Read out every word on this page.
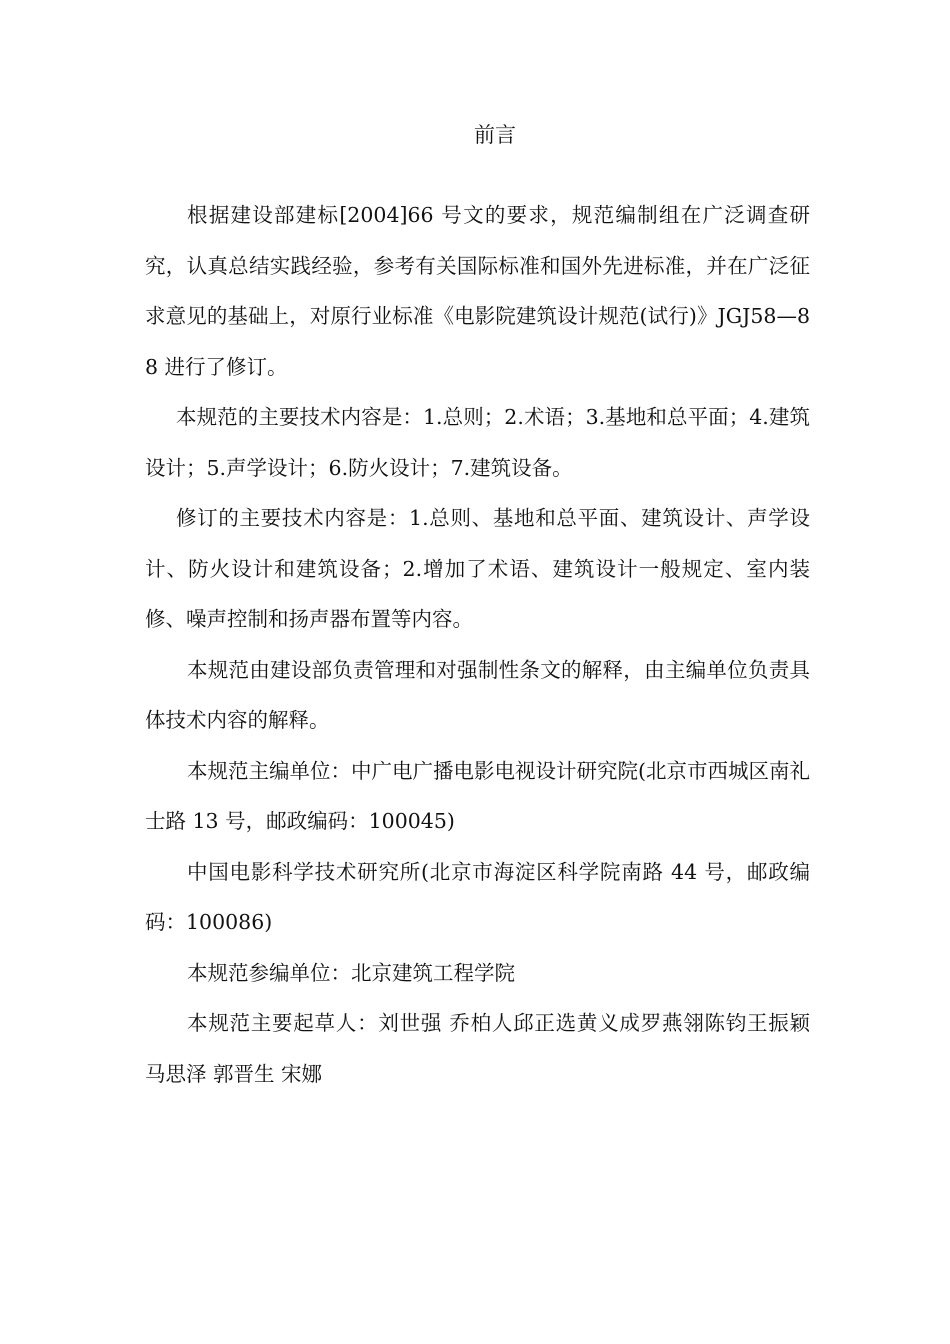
前言

根据建设部建标[2004]66 号文的要求，规范编制组在广泛调查研究，认真总结实践经验，参考有关国际标准和国外先进标准，并在广泛征求意见的基础上，对原行业标准《电影院建筑设计规范(试行)》JGJ58—88 进行了修订。

本规范的主要技术内容是：1.总则；2.术语；3.基地和总平面；4.建筑设计；5.声学设计；6.防火设计；7.建筑设备。

修订的主要技术内容是：1.总则、基地和总平面、建筑设计、声学设计、防火设计和建筑设备；2.增加了术语、建筑设计一般规定、室内装修、噪声控制和扬声器布置等内容。

本规范由建设部负责管理和对强制性条文的解释，由主编单位负责具体技术内容的解释。

本规范主编单位：中广电广播电影电视设计研究院(北京市西城区南礼士路 13 号，邮政编码：100045)

中国电影科学技术研究所(北京市海淀区科学院南路 44 号，邮政编码：100086)

本规范参编单位：北京建筑工程学院

本规范主要起草人：刘世强 乔柏人邱正选黄义成罗燕翎陈钧王振颖 马思泽 郭晋生 宋娜
